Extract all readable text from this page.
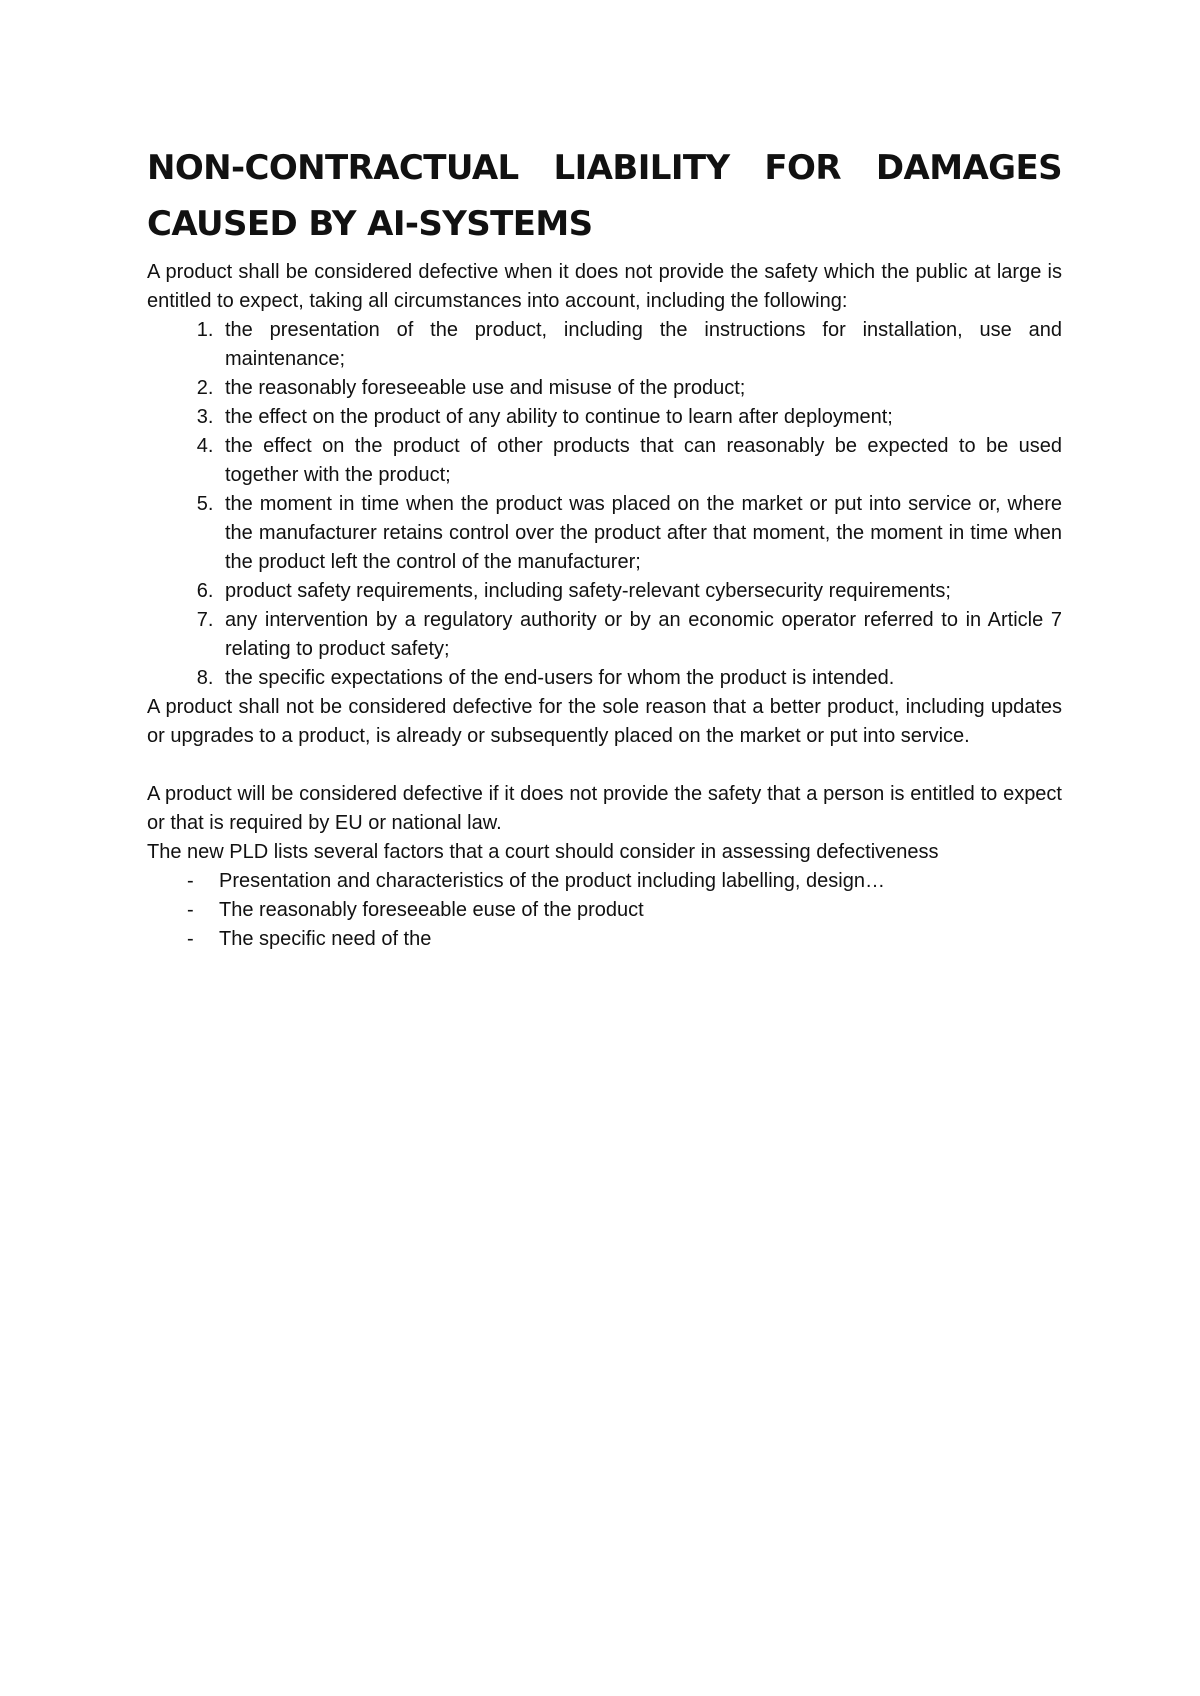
NON-CONTRACTUAL LIABILITY FOR DAMAGES CAUSED BY AI-SYSTEMS

A product shall be considered defective when it does not provide the safety which the public at large is entitled to expect, taking all circumstances into account, including the following:

1. the presentation of the product, including the instructions for installation, use and maintenance;
2. the reasonably foreseeable use and misuse of the product;
3. the effect on the product of any ability to continue to learn after deployment;
4. the effect on the product of other products that can reasonably be expected to be used together with the product;
5. the moment in time when the product was placed on the market or put into service or, where the manufacturer retains control over the product after that moment, the moment in time when the product left the control of the manufacturer;
6. product safety requirements, including safety-relevant cybersecurity requirements;
7. any intervention by a regulatory authority or by an economic operator referred to in Article 7 relating to product safety;
8. the specific expectations of the end-users for whom the product is intended.

A product shall not be considered defective for the sole reason that a better product, including updates or upgrades to a product, is already or subsequently placed on the market or put into service.

A product will be considered defective if it does not provide the safety that a person is entitled to expect or that is required by EU or national law.

The new PLD lists several factors that a court should consider in assessing defectiveness

- Presentation and characteristics of the product including labelling, design…
- The reasonably foreseeable euse of the product
- The specific need of the
